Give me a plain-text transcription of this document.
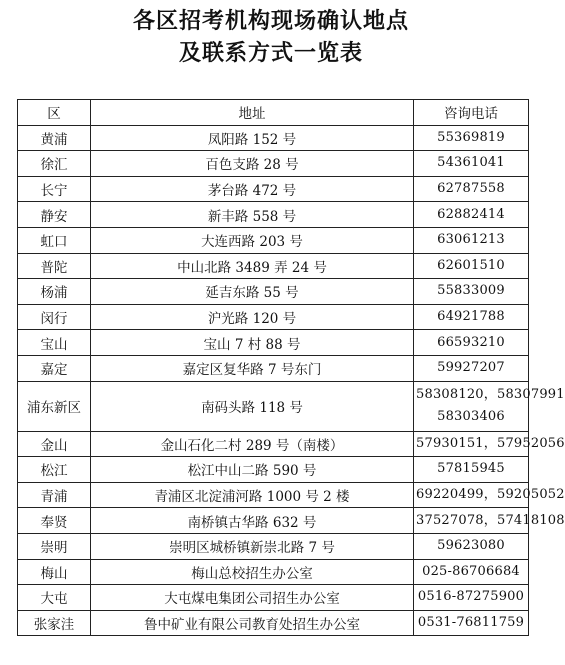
各区招考机构现场确认地点
及联系方式一览表
区	地址	咨询电话
黄浦	凤阳路 152 号	55369819

徐汇	百色支路 28 号	54361041

长宁	茅台路 472 号	62787558

静安	新丰路 558 号	62882414

虹口	大连西路 203 号	63061213

普陀	中山北路 3489 弄 24 号	62601510

杨浦	延吉东路 55 号	55833009

闵行	沪光路 120 号	64921788

宝山	宝山 7 村 88 号	66593210

嘉定	嘉定区复华路 7 号东门	59927207

浦东新区	南码头路 118 号	58308120，58307991
58303406

金山	金山石化二村 289 号（南楼）	57930151，57952056

松江	松江中山二路 590 号	57815945

青浦	青浦区北淀浦河路 1000 号 2 楼	69220499，59205052

奉贤	南桥镇古华路 632 号	37527078，57418108

崇明	崇明区城桥镇新崇北路 7 号	59623080

梅山	梅山总校招生办公室	025-86706684

大屯	大屯煤电集团公司招生办公室	0516-87275900

张家洼	鲁中矿业有限公司教育处招生办公室	0531-76811759
